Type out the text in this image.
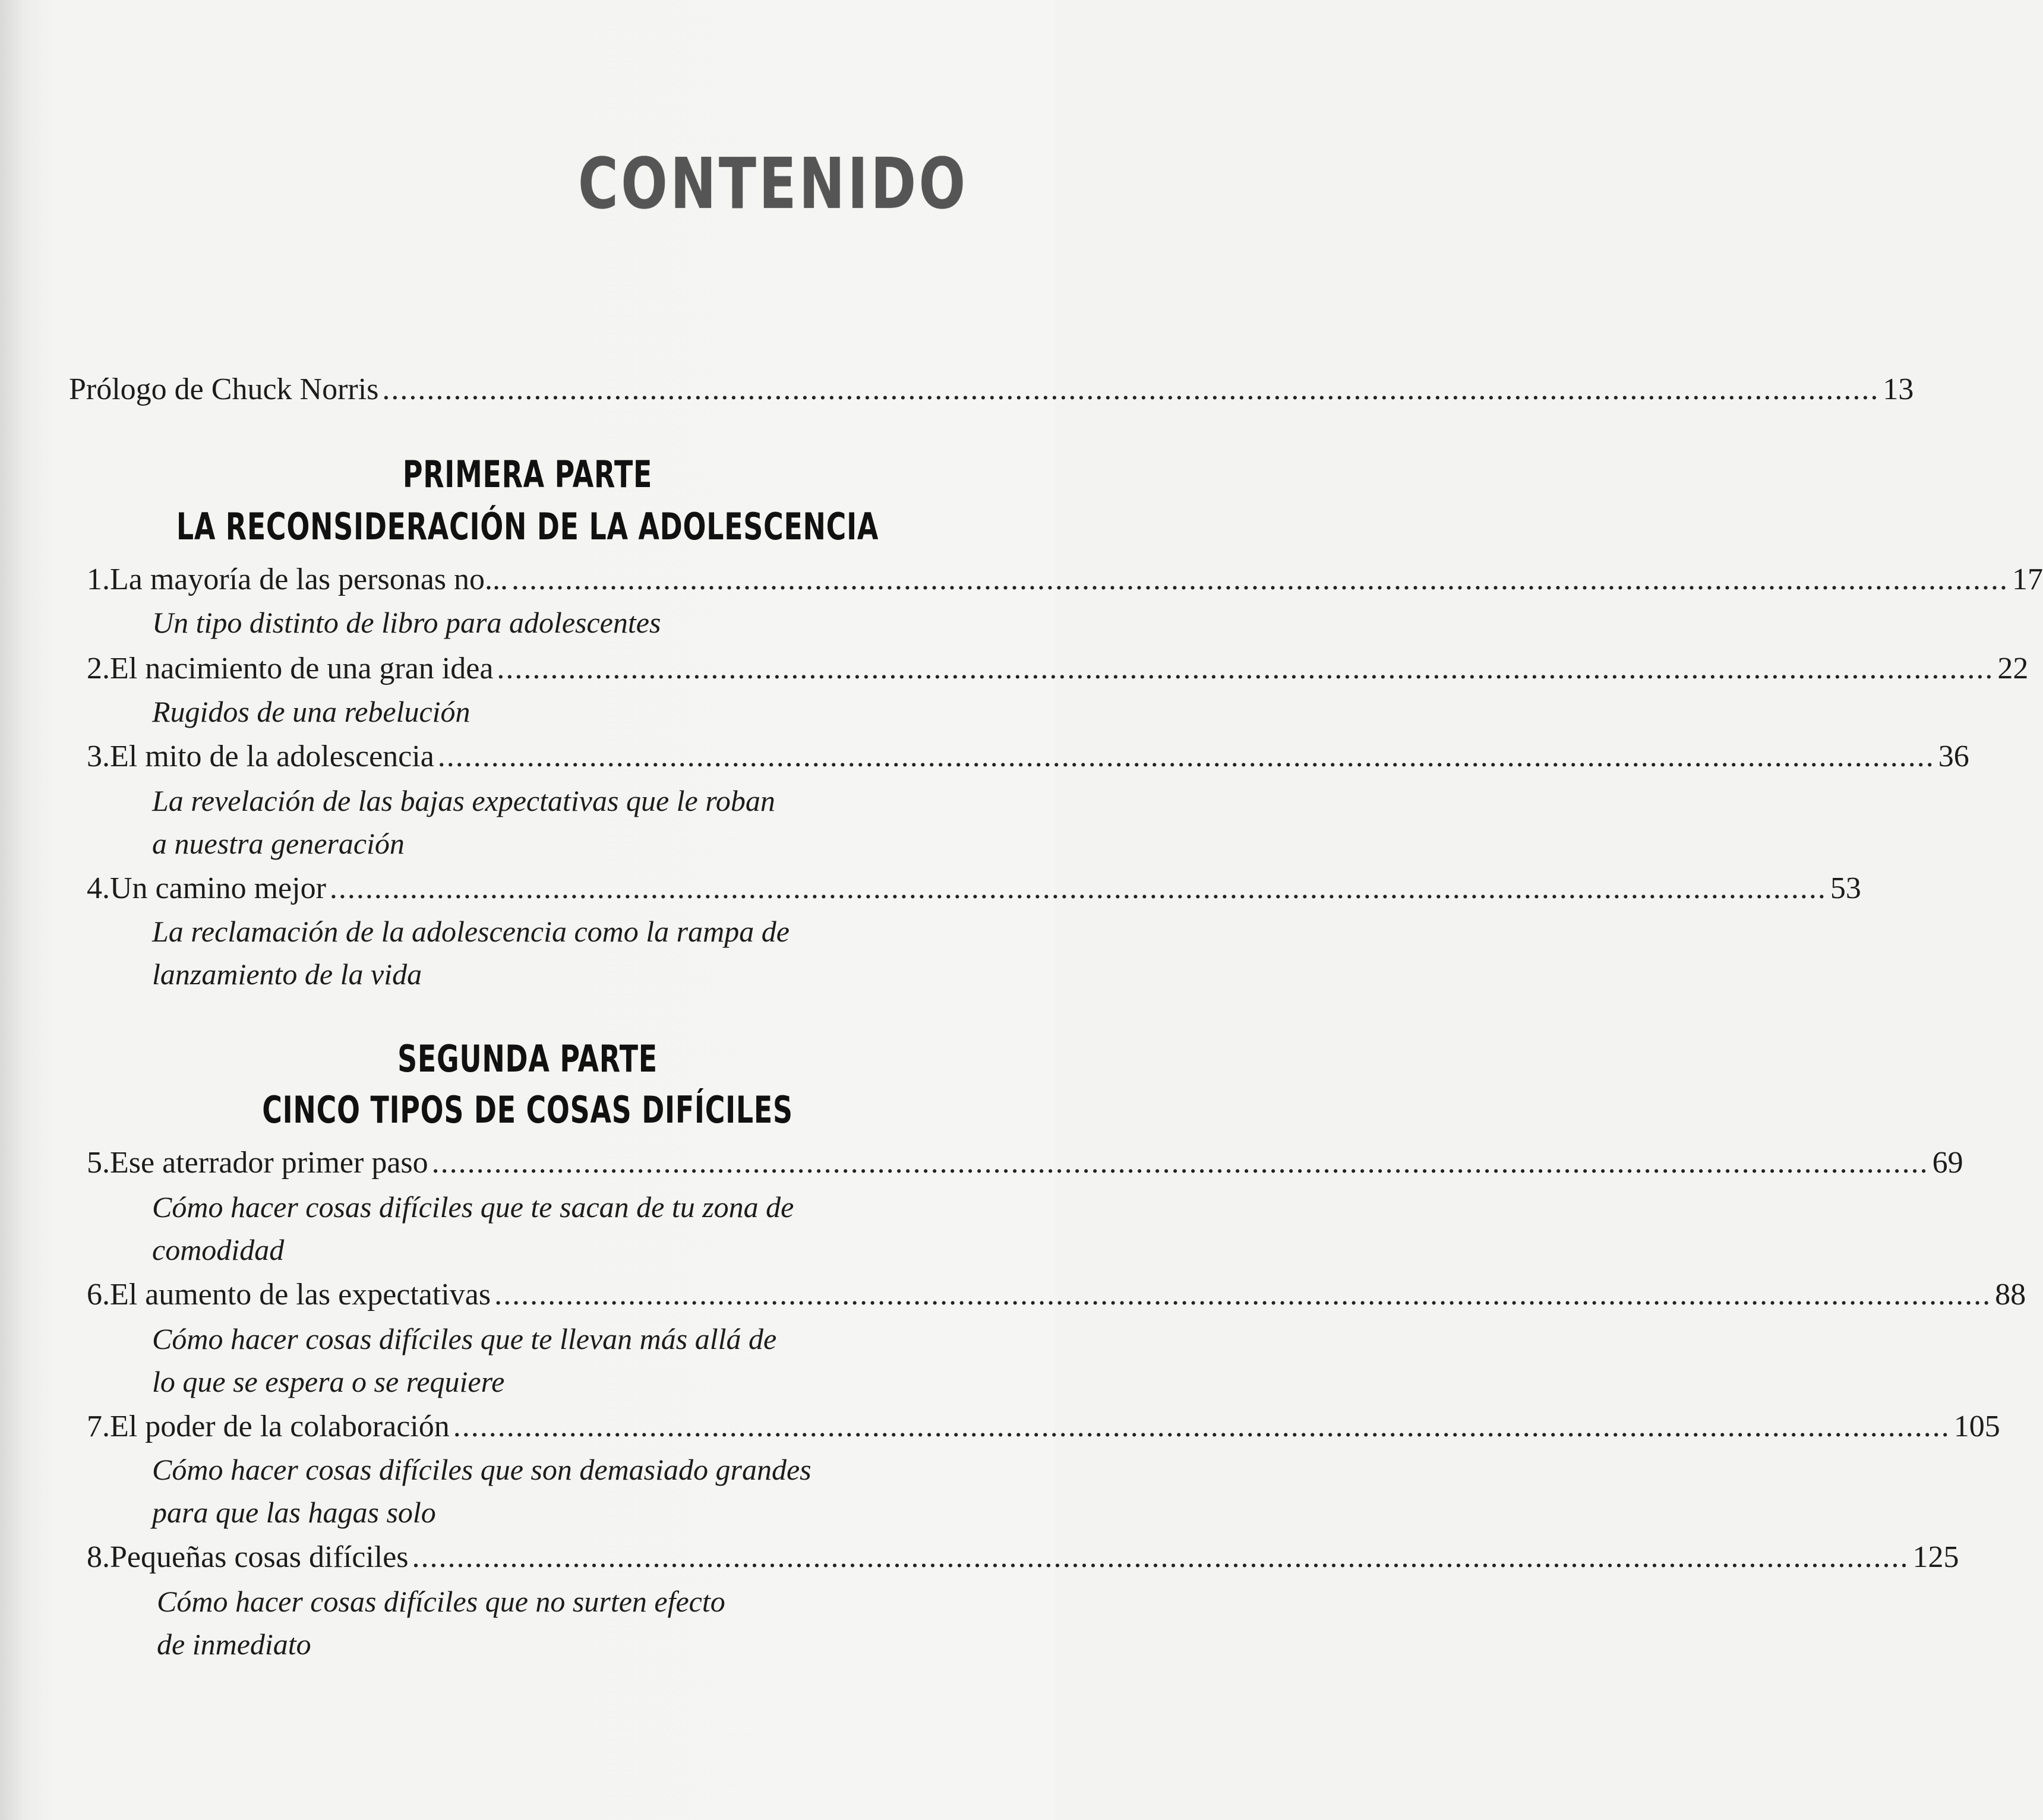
CONTENIDO
Prólogo de Chuck Norris ........................................................................................................................................................................ 13
PRIMERA PARTE
LA RECONSIDERACIÓN DE LA ADOLESCENCIA
1. La mayoría de las personas no... ........................................................................................................................................................................ 17
Un tipo distinto de libro para adolescentes
2. El nacimiento de una gran idea ........................................................................................................................................................................ 22
Rugidos de una rebelución
3. El mito de la adolescencia ........................................................................................................................................................................ 36
La revelación de las bajas expectativas que le roban
a nuestra generación
4. Un camino mejor ........................................................................................................................................................................ 53
La reclamación de la adolescencia como la rampa de
lanzamiento de la vida
SEGUNDA PARTE
CINCO TIPOS DE COSAS DIFÍCILES
5. Ese aterrador primer paso ........................................................................................................................................................................ 69
Cómo hacer cosas difíciles que te sacan de tu zona de
comodidad
6. El aumento de las expectativas ........................................................................................................................................................................ 88
Cómo hacer cosas difíciles que te llevan más allá de
lo que se espera o se requiere
7. El poder de la colaboración ........................................................................................................................................................................ 105
Cómo hacer cosas difíciles que son demasiado grandes
para que las hagas solo
8. Pequeñas cosas difíciles ........................................................................................................................................................................ 125
Cómo hacer cosas difíciles que no surten efecto
de inmediato
